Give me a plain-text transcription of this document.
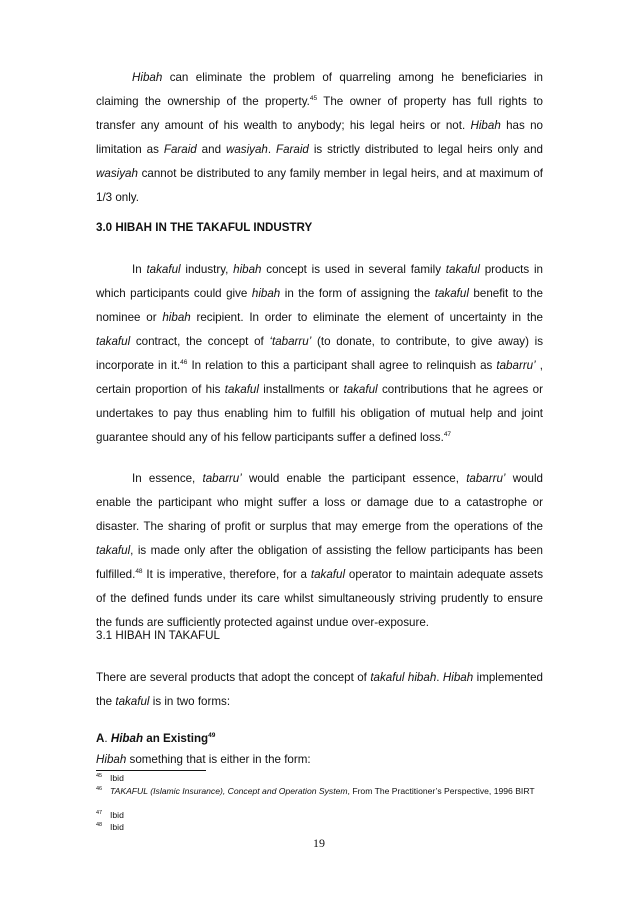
Hibah can eliminate the problem of quarreling among he beneficiaries in claiming the ownership of the property.$^{45}$ The owner of property has full rights to transfer any amount of his wealth to anybody; his legal heirs or not. Hibah has no limitation as Faraid and wasiyah. Faraid is strictly distributed to legal heirs only and wasiyah cannot be distributed to any family member in legal heirs, and at maximum of 1/3 only.

3.0 HIBAH IN THE TAKAFUL INDUSTRY

In takaful industry, hibah concept is used in several family takaful products in which participants could give hibah in the form of assigning the takaful benefit to the nominee or hibah recipient. In order to eliminate the element of uncertainty in the takaful contract, the concept of ‘tabarru’ (to donate, to contribute, to give away) is incorporate in it.$^{46}$ In relation to this a participant shall agree to relinquish as tabarru’ , certain proportion of his takaful installments or takaful contributions that he agrees or undertakes to pay thus enabling him to fulfill his obligation of mutual help and joint guarantee should any of his fellow participants suffer a defined loss.$^{47}$

In essence, tabarru’ would enable the participant essence, tabarru’ would enable the participant who might suffer a loss or damage due to a catastrophe or disaster. The sharing of profit or surplus that may emerge from the operations of the takaful, is made only after the obligation of assisting the fellow participants has been fulfilled.$^{48}$ It is imperative, therefore, for a takaful operator to maintain adequate assets of the defined funds under its care whilst simultaneously striving prudently to ensure the funds are sufficiently protected against undue over-exposure.

3.1 HIBAH IN TAKAFUL

There are several products that adopt the concept of takaful hibah. Hibah implemented the takaful is in two forms:

A. Hibah an Existing$^{49}$

Hibah something that is either in the form:

$^{45}$ Ibid

$^{46}$ TAKAFUL (Islamic Insurance), Concept and Operation System, From The Practitioner’s Perspective, 1996 BIRT

$^{47}$ Ibid

$^{48}$ Ibid

19
